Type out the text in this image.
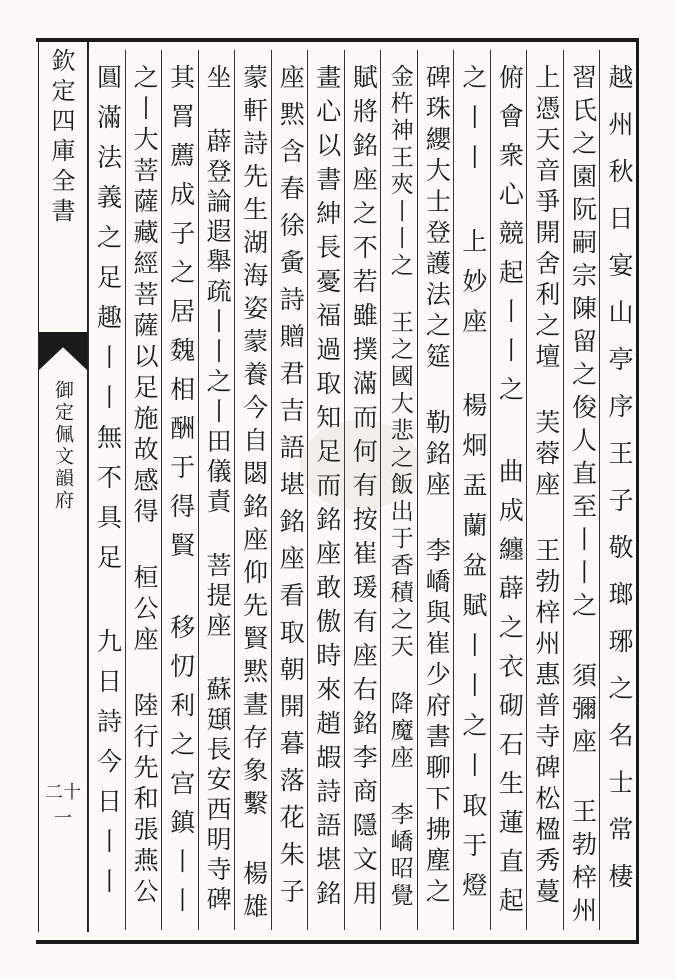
欽定四庫全書
御定佩文韻府
二十一	越州秋日宴山亭序王子敬瑯琊之名士常棲
習氏之園阮嗣宗陳留之俊人直至丨丨之 須彌座 王勃梓州
上憑天音爭開舍利之壇 芙蓉座 王勃梓州惠普寺碑松楹秀蔓
俯會衆心競起丨丨之 曲成纏薜之衣砌石生蓮直起
之丨丨 上妙座 楊炯盂蘭盆賦丨丨之丨取于燈
碑珠纓大士登護法之筵 勒銘座 李嶠與崔少府書聊下拂塵之
金杵神王夾丨丨之 王之國大悲之飯出于香積之天 降魔座 李嶠昭覺
賦將銘座之不若雖撲滿而何有按崔瑗有座右銘李商隱文用
畫心以書紳長憂福過取知足而銘座敢傲時來趙嘏詩語堪銘
座黙含春徐夤詩贈君吉語堪銘座看取朝開暮落花朱子
蒙軒詩先生湖海姿蒙養今自閟銘座仰先賢黙晝存象繫 楊雄
坐 薜登論遐舉疏丨丨之丨田儀責 菩提座 蘇頲長安西明寺碑
其罥薦成子之居魏相酬于得賢 移忉利之宫鎮丨丨
之丨大菩薩藏經菩薩以足施故感得 桓公座 陸行先和張燕公
圓滿法義之足趣丨丨無不具足 九日詩今日丨丨
